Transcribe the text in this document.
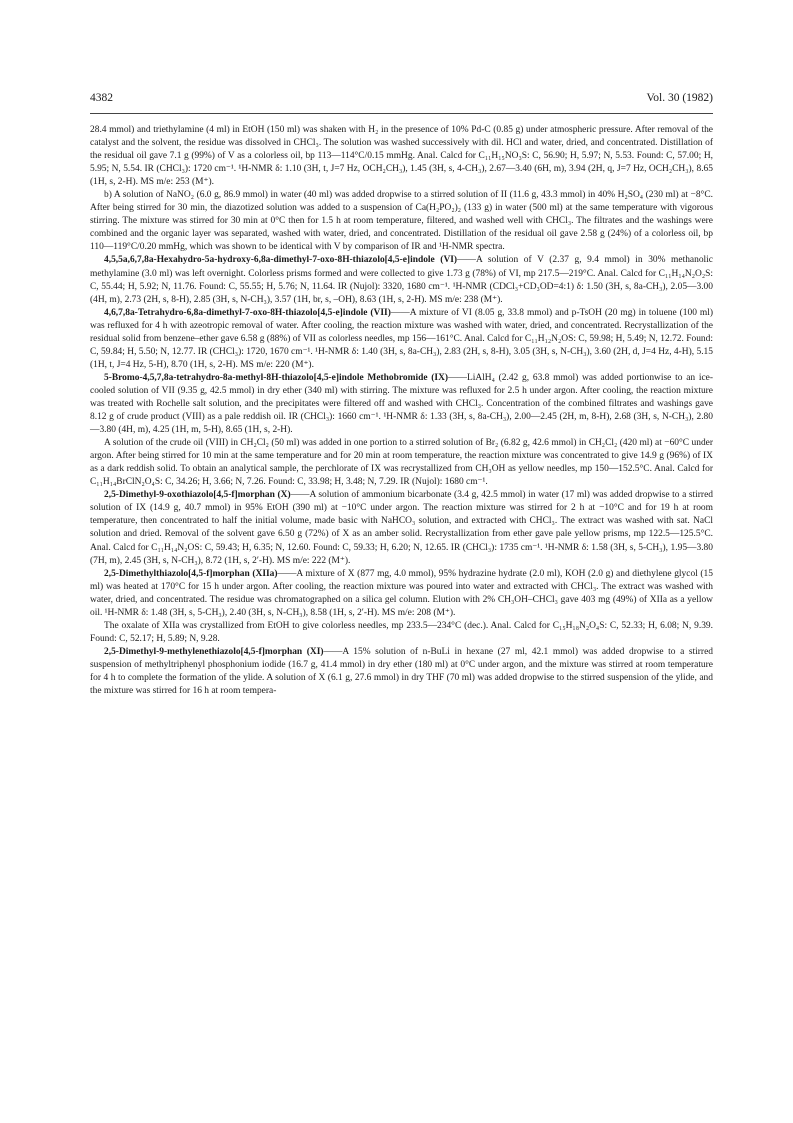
4382	Vol. 30 (1982)

28.4 mmol) and triethylamine (4 ml) in EtOH (150 ml) was shaken with H₂ in the presence of 10% Pd-C (0.85 g) under atmospheric pressure. After removal of the catalyst and the solvent, the residue was dissolved in CHCl₃. The solution was washed successively with dil. HCl and water, dried, and concentrated. Distillation of the residual oil gave 7.1 g (99%) of V as a colorless oil, bp 113—114°C/0.15 mmHg. Anal. Calcd for C₁₁H₁₅NO₃S: C, 56.90; H, 5.97; N, 5.53. Found: C, 57.00; H, 5.95; N, 5.54. IR (CHCl₃): 1720 cm⁻¹. ¹H-NMR δ: 1.10 (3H, t, J=7 Hz, OCH₂CH₃), 1.45 (3H, s, 4-CH₃), 2.67—3.40 (6H, m), 3.94 (2H, q, J=7 Hz, OCH₂CH₃), 8.65 (1H, s, 2-H). MS m/e: 253 (M⁺).

b) A solution of NaNO₂ (6.0 g, 86.9 mmol) in water (40 ml) was added dropwise to a stirred solution of II (11.6 g, 43.3 mmol) in 40% H₂SO₄ (230 ml) at −8°C. After being stirred for 30 min, the diazotized solution was added to a suspension of Ca(H₂PO₂)₂ (133 g) in water (500 ml) at the same temperature with vigorous stirring. The mixture was stirred for 30 min at 0°C then for 1.5 h at room temperature, filtered, and washed well with CHCl₃. The filtrates and the washings were combined and the organic layer was separated, washed with water, dried, and concentrated. Distillation of the residual oil gave 2.58 g (24%) of a colorless oil, bp 110—119°C/0.20 mmHg, which was shown to be identical with V by comparison of IR and ¹H-NMR spectra.

4,5,5a,6,7,8a-Hexahydro-5a-hydroxy-6,8a-dimethyl-7-oxo-8H-thiazolo[4,5-e]indole (VI)——A solution of V (2.37 g, 9.4 mmol) in 30% methanolic methylamine (3.0 ml) was left overnight. Colorless prisms formed and were collected to give 1.73 g (78%) of VI, mp 217.5—219°C. Anal. Calcd for C₁₁H₁₄N₂O₂S: C, 55.44; H, 5.92; N, 11.76. Found: C, 55.55; H, 5.76; N, 11.64. IR (Nujol): 3320, 1680 cm⁻¹. ¹H-NMR (CDCl₃+CD₃OD=4:1) δ: 1.50 (3H, s, 8a-CH₃), 2.05—3.00 (4H, m), 2.73 (2H, s, 8-H), 2.85 (3H, s, N-CH₃), 3.57 (1H, br, s, –OH), 8.63 (1H, s, 2-H). MS m/e: 238 (M⁺).

4,6,7,8a-Tetrahydro-6,8a-dimethyl-7-oxo-8H-thiazolo[4,5-e]indole (VII)——A mixture of VI (8.05 g, 33.8 mmol) and p-TsOH (20 mg) in toluene (100 ml) was refluxed for 4 h with azeotropic removal of water. After cooling, the reaction mixture was washed with water, dried, and concentrated. Recrystallization of the residual solid from benzene–ether gave 6.58 g (88%) of VII as colorless needles, mp 156—161°C. Anal. Calcd for C₁₁H₁₂N₂OS: C, 59.98; H, 5.49; N, 12.72. Found: C, 59.84; H, 5.50; N, 12.77. IR (CHCl₃): 1720, 1670 cm⁻¹. ¹H-NMR δ: 1.40 (3H, s, 8a-CH₃), 2.83 (2H, s, 8-H), 3.05 (3H, s, N-CH₃), 3.60 (2H, d, J=4 Hz, 4-H), 5.15 (1H, t, J=4 Hz, 5-H), 8.70 (1H, s, 2-H). MS m/e: 220 (M⁺).

5-Bromo-4,5,7,8a-tetrahydro-8a-methyl-8H-thiazolo[4,5-e]indole Methobromide (IX)——LiAlH₄ (2.42 g, 63.8 mmol) was added portionwise to an ice-cooled solution of VII (9.35 g, 42.5 mmol) in dry ether (340 ml) with stirring. The mixture was refluxed for 2.5 h under argon. After cooling, the reaction mixture was treated with Rochelle salt solution, and the precipitates were filtered off and washed with CHCl₃. Concentration of the combined filtrates and washings gave 8.12 g of crude product (VIII) as a pale reddish oil. IR (CHCl₃): 1660 cm⁻¹. ¹H-NMR δ: 1.33 (3H, s, 8a-CH₃), 2.00—2.45 (2H, m, 8-H), 2.68 (3H, s, N-CH₃), 2.80—3.80 (4H, m), 4.25 (1H, m, 5-H), 8.65 (1H, s, 2-H).

A solution of the crude oil (VIII) in CH₂Cl₂ (50 ml) was added in one portion to a stirred solution of Br₂ (6.82 g, 42.6 mmol) in CH₂Cl₂ (420 ml) at −60°C under argon. After being stirred for 10 min at the same temperature and for 20 min at room temperature, the reaction mixture was concentrated to give 14.9 g (96%) of IX as a dark reddish solid. To obtain an analytical sample, the perchlorate of IX was recrystallized from CH₃OH as yellow needles, mp 150—152.5°C. Anal. Calcd for C₁₁H₁₄BrClN₂O₄S: C, 34.26; H, 3.66; N, 7.26. Found: C, 33.98; H, 3.48; N, 7.29. IR (Nujol): 1680 cm⁻¹.

2,5-Dimethyl-9-oxothiazolo[4,5-f]morphan (X)——A solution of ammonium bicarbonate (3.4 g, 42.5 mmol) in water (17 ml) was added dropwise to a stirred solution of IX (14.9 g, 40.7 mmol) in 95% EtOH (390 ml) at −10°C under argon. The reaction mixture was stirred for 2 h at −10°C and for 19 h at room temperature, then concentrated to half the initial volume, made basic with NaHCO₃ solution, and extracted with CHCl₃. The extract was washed with sat. NaCl solution and dried. Removal of the solvent gave 6.50 g (72%) of X as an amber solid. Recrystallization from ether gave pale yellow prisms, mp 122.5—125.5°C. Anal. Calcd for C₁₁H₁₄N₂OS: C, 59.43; H, 6.35; N, 12.60. Found: C, 59.33; H, 6.20; N, 12.65. IR (CHCl₃): 1735 cm⁻¹. ¹H-NMR δ: 1.58 (3H, s, 5-CH₃), 1.95—3.80 (7H, m), 2.45 (3H, s, N-CH₃), 8.72 (1H, s, 2′-H). MS m/e: 222 (M⁺).

2,5-Dimethylthiazolo[4,5-f]morphan (XIIa)——A mixture of X (877 mg, 4.0 mmol), 95% hydrazine hydrate (2.0 ml), KOH (2.0 g) and diethylene glycol (15 ml) was heated at 170°C for 15 h under argon. After cooling, the reaction mixture was poured into water and extracted with CHCl₃. The extract was washed with water, dried, and concentrated. The residue was chromatographed on a silica gel column. Elution with 2% CH₃OH–CHCl₃ gave 403 mg (49%) of XIIa as a yellow oil. ¹H-NMR δ: 1.48 (3H, s, 5-CH₃), 2.40 (3H, s, N-CH₃), 8.58 (1H, s, 2′-H). MS m/e: 208 (M⁺).

The oxalate of XIIa was crystallized from EtOH to give colorless needles, mp 233.5—234°C (dec.). Anal. Calcd for C₁₅H₁₈N₂O₄S: C, 52.33; H, 6.08; N, 9.39. Found: C, 52.17; H, 5.89; N, 9.28.

2,5-Dimethyl-9-methylenethiazolo[4,5-f]morphan (XI)——A 15% solution of n-BuLi in hexane (27 ml, 42.1 mmol) was added dropwise to a stirred suspension of methyltriphenyl phosphonium iodide (16.7 g, 41.4 mmol) in dry ether (180 ml) at 0°C under argon, and the mixture was stirred at room temperature for 4 h to complete the formation of the ylide. A solution of X (6.1 g, 27.6 mmol) in dry THF (70 ml) was added dropwise to the stirred suspension of the ylide, and the mixture was stirred for 16 h at room tempera-
